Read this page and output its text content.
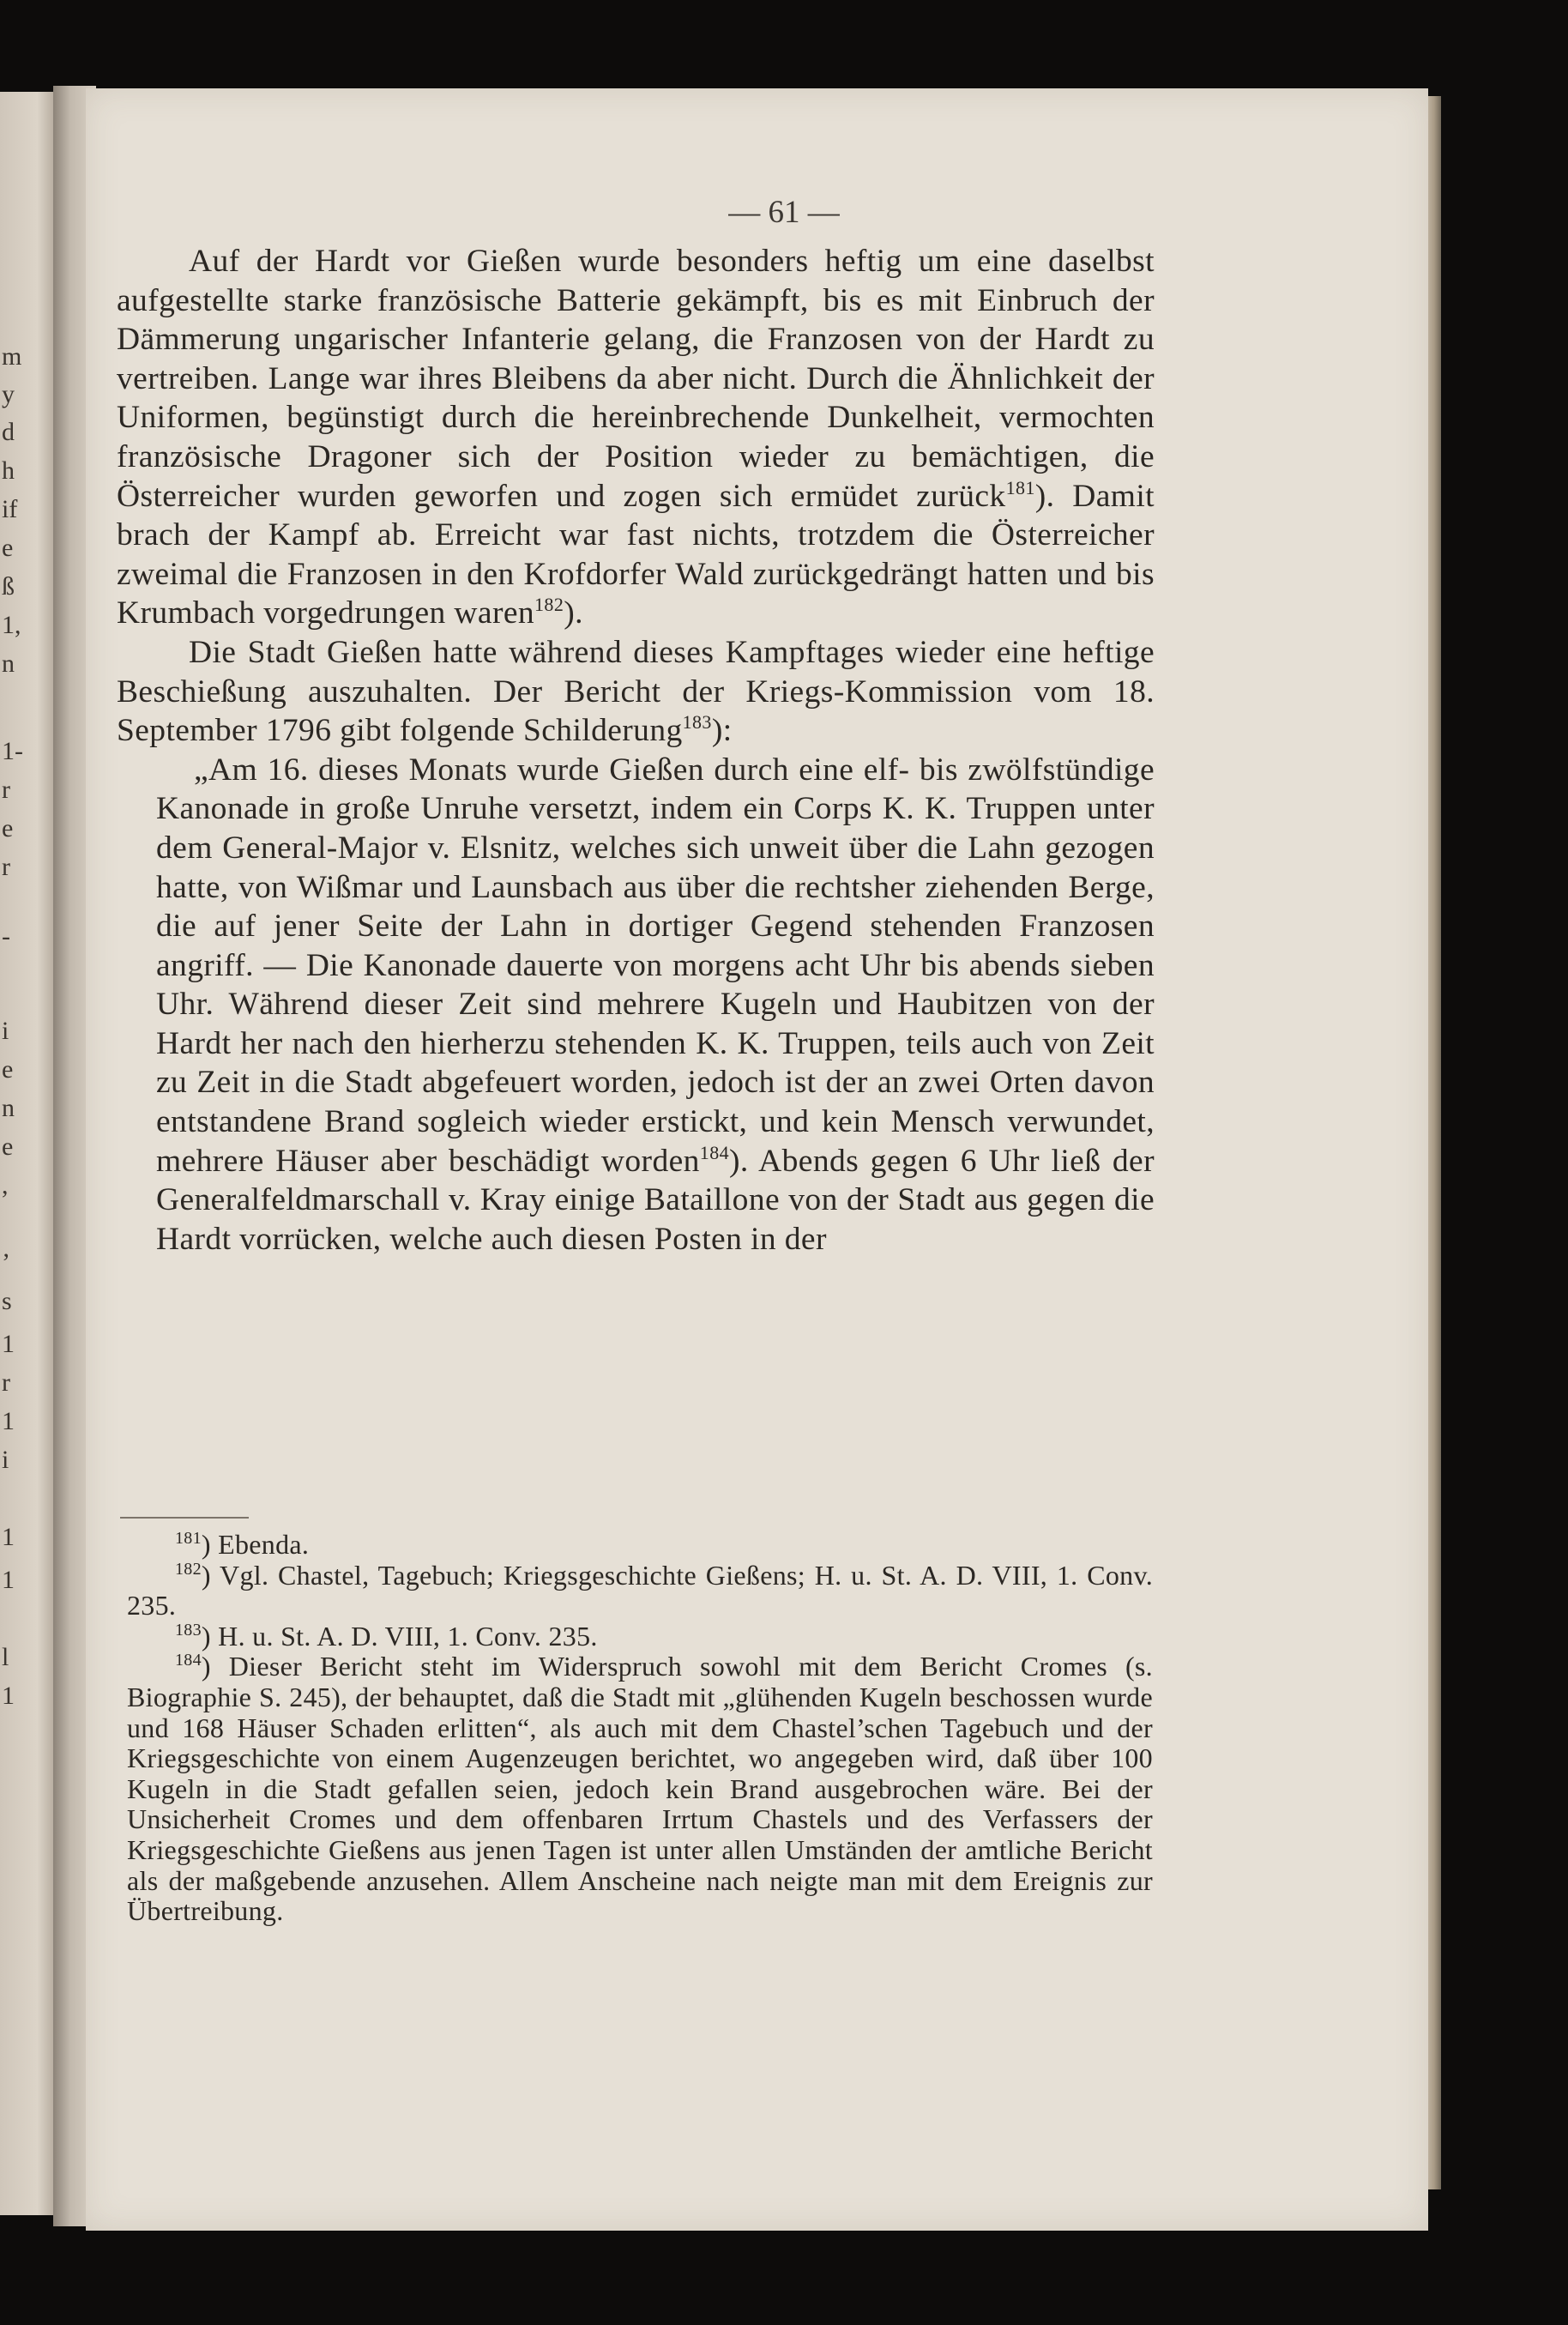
m
y
d
h
if
e
ß
1,
n
1-
r
e
r
-
i
e
n
e
,
’
s
1
r
1
i
1
1
l
1
— 61 —

Auf der Hardt vor Gießen wurde besonders heftig um eine daselbst aufgestellte starke französische Batterie gekämpft, bis es mit Einbruch der Dämmerung ungarischer Infanterie gelang, die Franzosen von der Hardt zu vertreiben. Lange war ihres Bleibens da aber nicht. Durch die Ähnlichkeit der Uniformen, begünstigt durch die hereinbrechende Dunkelheit, vermochten französische Dragoner sich der Position wieder zu bemächtigen, die Österreicher wurden geworfen und zogen sich ermüdet zurück$^{181}$). Damit brach der Kampf ab. Erreicht war fast nichts, trotzdem die Österreicher zweimal die Franzosen in den Krofdorfer Wald zurückgedrängt hatten und bis Krumbach vorgedrungen waren$^{182}$).

Die Stadt Gießen hatte während dieses Kampftages wieder eine heftige Beschießung auszuhalten. Der Bericht der Kriegs-Kommission vom 18. September 1796 gibt folgende Schilderung$^{183}$):

„Am 16. dieses Monats wurde Gießen durch eine elf- bis zwölfstündige Kanonade in große Unruhe versetzt, indem ein Corps K. K. Truppen unter dem General-Major v. Elsnitz, welches sich unweit über die Lahn gezogen hatte, von Wißmar und Launsbach aus über die rechtsher ziehenden Berge, die auf jener Seite der Lahn in dortiger Gegend stehenden Franzosen angriff. — Die Kanonade dauerte von morgens acht Uhr bis abends sieben Uhr. Während dieser Zeit sind mehrere Kugeln und Haubitzen von der Hardt her nach den hierherzu stehenden K. K. Truppen, teils auch von Zeit zu Zeit in die Stadt abgefeuert worden, jedoch ist der an zwei Orten davon entstandene Brand sogleich wieder erstickt, und kein Mensch verwundet, mehrere Häuser aber beschädigt worden$^{184}$). Abends gegen 6 Uhr ließ der Generalfeldmarschall v. Kray einige Bataillone von der Stadt aus gegen die Hardt vorrücken, welche auch diesen Posten in der

$^{181}$) Ebenda.

$^{182}$) Vgl. Chastel, Tagebuch; Kriegsgeschichte Gießens; H. u. St. A. D. VIII, 1. Conv. 235.

$^{183}$) H. u. St. A. D. VIII, 1. Conv. 235.

$^{184}$) Dieser Bericht steht im Widerspruch sowohl mit dem Bericht Cromes (s. Biographie S. 245), der behauptet, daß die Stadt mit „glühenden Kugeln beschossen wurde und 168 Häuser Schaden erlitten“, als auch mit dem Chastel’schen Tagebuch und der Kriegsgeschichte von einem Augenzeugen berichtet, wo angegeben wird, daß über 100 Kugeln in die Stadt gefallen seien, jedoch kein Brand ausgebrochen wäre. Bei der Unsicherheit Cromes und dem offenbaren Irrtum Chastels und des Verfassers der Kriegsgeschichte Gießens aus jenen Tagen ist unter allen Umständen der amtliche Bericht als der maßgebende anzusehen. Allem Anscheine nach neigte man mit dem Ereignis zur Übertreibung.
